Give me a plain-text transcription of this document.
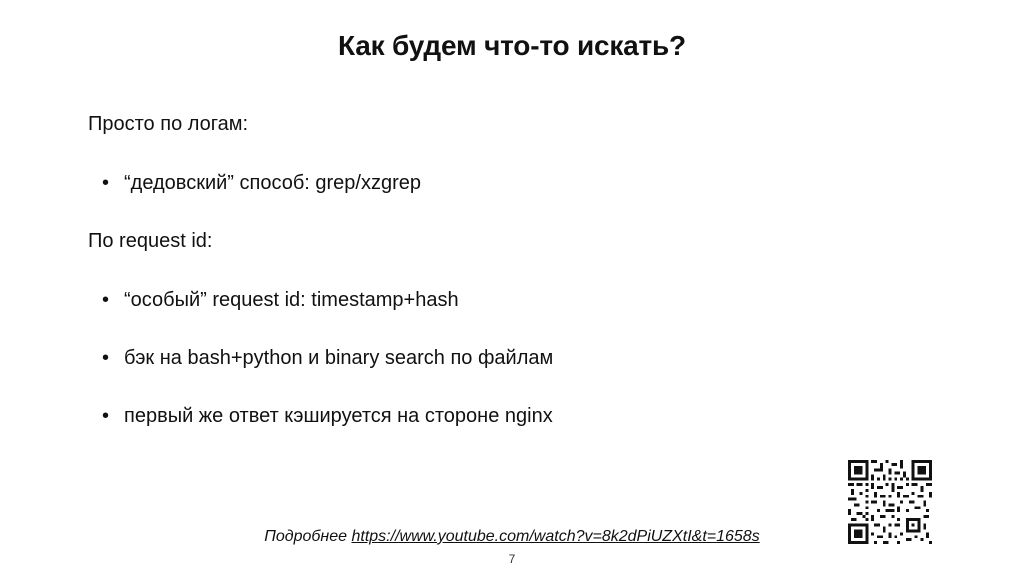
Как будем что-то искать?
Просто по логам:
• “дедовский” способ: grep/xzgrep
По request id:
• “особый” request id: timestamp+hash
• бэк на bash+python и binary search по файлам
• первый же ответ кэшируется на стороне nginx
Подробнее https://www.youtube.com/watch?v=8k2dPiUZXtI&t=1658s
7
